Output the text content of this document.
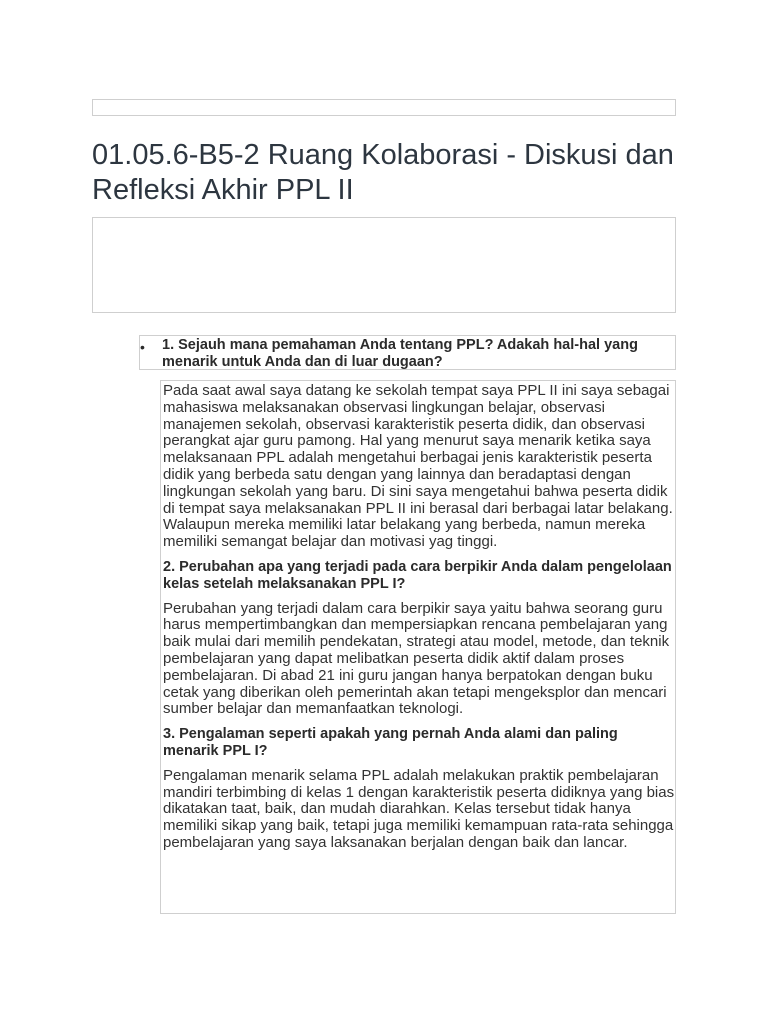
01.05.6-B5-2 Ruang Kolaborasi - Diskusi dan Refleksi Akhir PPL II
• 1. Sejauh mana pemahaman Anda tentang PPL? Adakah hal-hal yang menarik untuk Anda dan di luar dugaan?

Pada saat awal saya datang ke sekolah tempat saya PPL II ini saya sebagai mahasiswa melaksanakan observasi lingkungan belajar, observasi manajemen sekolah, observasi karakteristik peserta didik, dan observasi perangkat ajar guru pamong. Hal yang menurut saya menarik ketika saya melaksanaan PPL adalah mengetahui berbagai jenis karakteristik peserta didik yang berbeda satu dengan yang lainnya dan beradaptasi dengan lingkungan sekolah yang baru. Di sini saya mengetahui bahwa peserta didik di tempat saya melaksanakan PPL II ini berasal dari berbagai latar belakang. Walaupun mereka memiliki latar belakang yang berbeda, namun mereka memiliki semangat belajar dan motivasi yag tinggi.

2. Perubahan apa yang terjadi pada cara berpikir Anda dalam pengelolaan kelas setelah melaksanakan PPL I?

Perubahan yang terjadi dalam cara berpikir saya yaitu bahwa seorang guru harus mempertimbangkan dan mempersiapkan rencana pembelajaran yang baik mulai dari memilih pendekatan, strategi atau model, metode, dan teknik pembelajaran yang dapat melibatkan peserta didik aktif dalam proses pembelajaran. Di abad 21 ini guru jangan hanya berpatokan dengan buku cetak yang diberikan oleh pemerintah akan tetapi mengeksplor dan mencari sumber belajar dan memanfaatkan teknologi.

3. Pengalaman seperti apakah yang pernah Anda alami dan paling menarik PPL I?

Pengalaman menarik selama PPL adalah melakukan praktik pembelajaran mandiri terbimbing di kelas 1 dengan karakteristik peserta didiknya yang bias dikatakan taat, baik, dan mudah diarahkan. Kelas tersebut tidak hanya memiliki sikap yang baik, tetapi juga memiliki kemampuan rata-rata sehingga pembelajaran yang saya laksanakan berjalan dengan baik dan lancar.
